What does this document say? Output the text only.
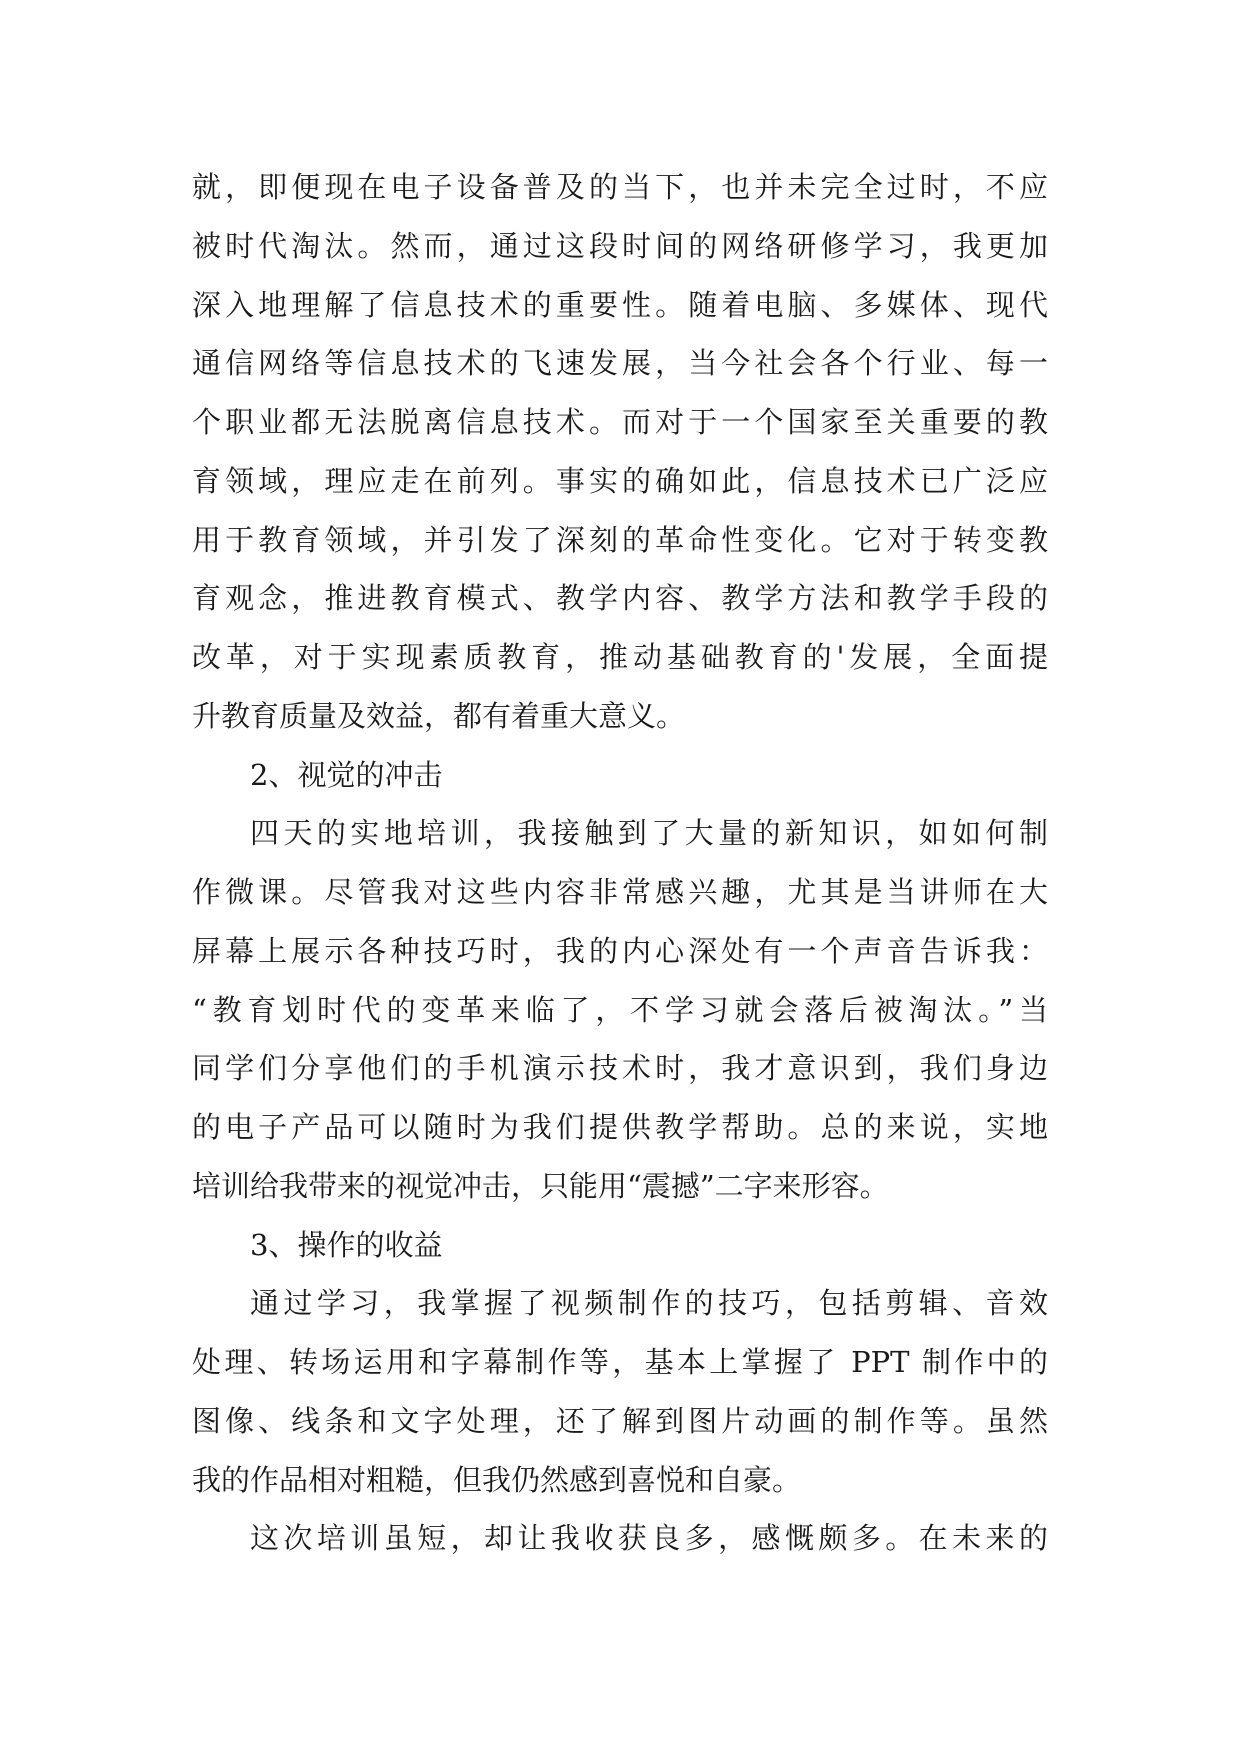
就，即便现在电子设备普及的当下，也并未完全过时，不应
被时代淘汰。然而，通过这段时间的网络研修学习，我更加
深入地理解了信息技术的重要性。随着电脑、多媒体、现代
通信网络等信息技术的飞速发展，当今社会各个行业、每一
个职业都无法脱离信息技术。而对于一个国家至关重要的教
育领域，理应走在前列。事实的确如此，信息技术已广泛应
用于教育领域，并引发了深刻的革命性变化。它对于转变教
育观念，推进教育模式、教学内容、教学方法和教学手段的
改革，对于实现素质教育，推动基础教育的'发展，全面提
升教育质量及效益，都有着重大意义。
2、视觉的冲击
四天的实地培训，我接触到了大量的新知识，如如何制
作微课。尽管我对这些内容非常感兴趣，尤其是当讲师在大
屏幕上展示各种技巧时，我的内心深处有一个声音告诉我：
“教育划时代的变革来临了，不学习就会落后被淘汰。”当
同学们分享他们的手机演示技术时，我才意识到，我们身边
的电子产品可以随时为我们提供教学帮助。总的来说，实地
培训给我带来的视觉冲击，只能用“震撼”二字来形容。
3、操作的收益
通过学习，我掌握了视频制作的技巧，包括剪辑、音效
处理、转场运用和字幕制作等，基本上掌握了 PPT 制作中的
图像、线条和文字处理，还了解到图片动画的制作等。虽然
我的作品相对粗糙，但我仍然感到喜悦和自豪。
这次培训虽短，却让我收获良多，感慨颇多。在未来的
